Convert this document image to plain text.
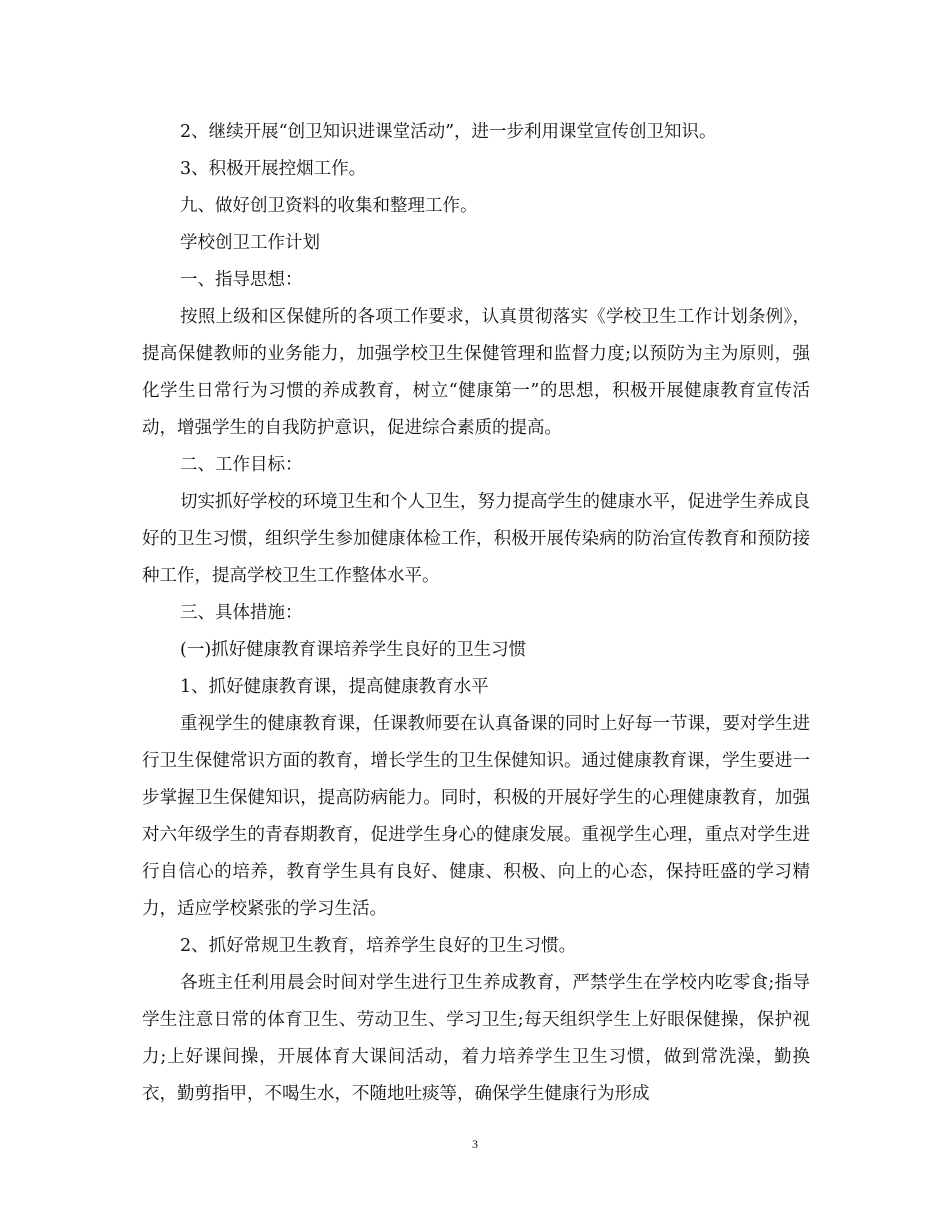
2、继续开展“创卫知识进课堂活动”，进一步利用课堂宣传创卫知识。

3、积极开展控烟工作。

九、做好创卫资料的收集和整理工作。

学校创卫工作计划

一、指导思想：

按照上级和区保健所的各项工作要求，认真贯彻落实《学校卫生工作计划条例》，提高保健教师的业务能力，加强学校卫生保健管理和监督力度;以预防为主为原则，强化学生日常行为习惯的养成教育，树立“健康第一”的思想，积极开展健康教育宣传活动，增强学生的自我防护意识，促进综合素质的提高。

二、工作目标：

切实抓好学校的环境卫生和个人卫生，努力提高学生的健康水平，促进学生养成良好的卫生习惯，组织学生参加健康体检工作，积极开展传染病的防治宣传教育和预防接种工作，提高学校卫生工作整体水平。

三、具体措施：

(一)抓好健康教育课培养学生良好的卫生习惯

1、抓好健康教育课，提高健康教育水平

重视学生的健康教育课，任课教师要在认真备课的同时上好每一节课，要对学生进行卫生保健常识方面的教育，增长学生的卫生保健知识。通过健康教育课，学生要进一步掌握卫生保健知识，提高防病能力。同时，积极的开展好学生的心理健康教育，加强对六年级学生的青春期教育，促进学生身心的健康发展。重视学生心理，重点对学生进行自信心的培养，教育学生具有良好、健康、积极、向上的心态，保持旺盛的学习精力，适应学校紧张的学习生活。

2、抓好常规卫生教育，培养学生良好的卫生习惯。

各班主任利用晨会时间对学生进行卫生养成教育，严禁学生在学校内吃零食;指导学生注意日常的体育卫生、劳动卫生、学习卫生;每天组织学生上好眼保健操，保护视力;上好课间操，开展体育大课间活动，着力培养学生卫生习惯，做到常洗澡，勤换衣，勤剪指甲，不喝生水，不随地吐痰等，确保学生健康行为形成

3
